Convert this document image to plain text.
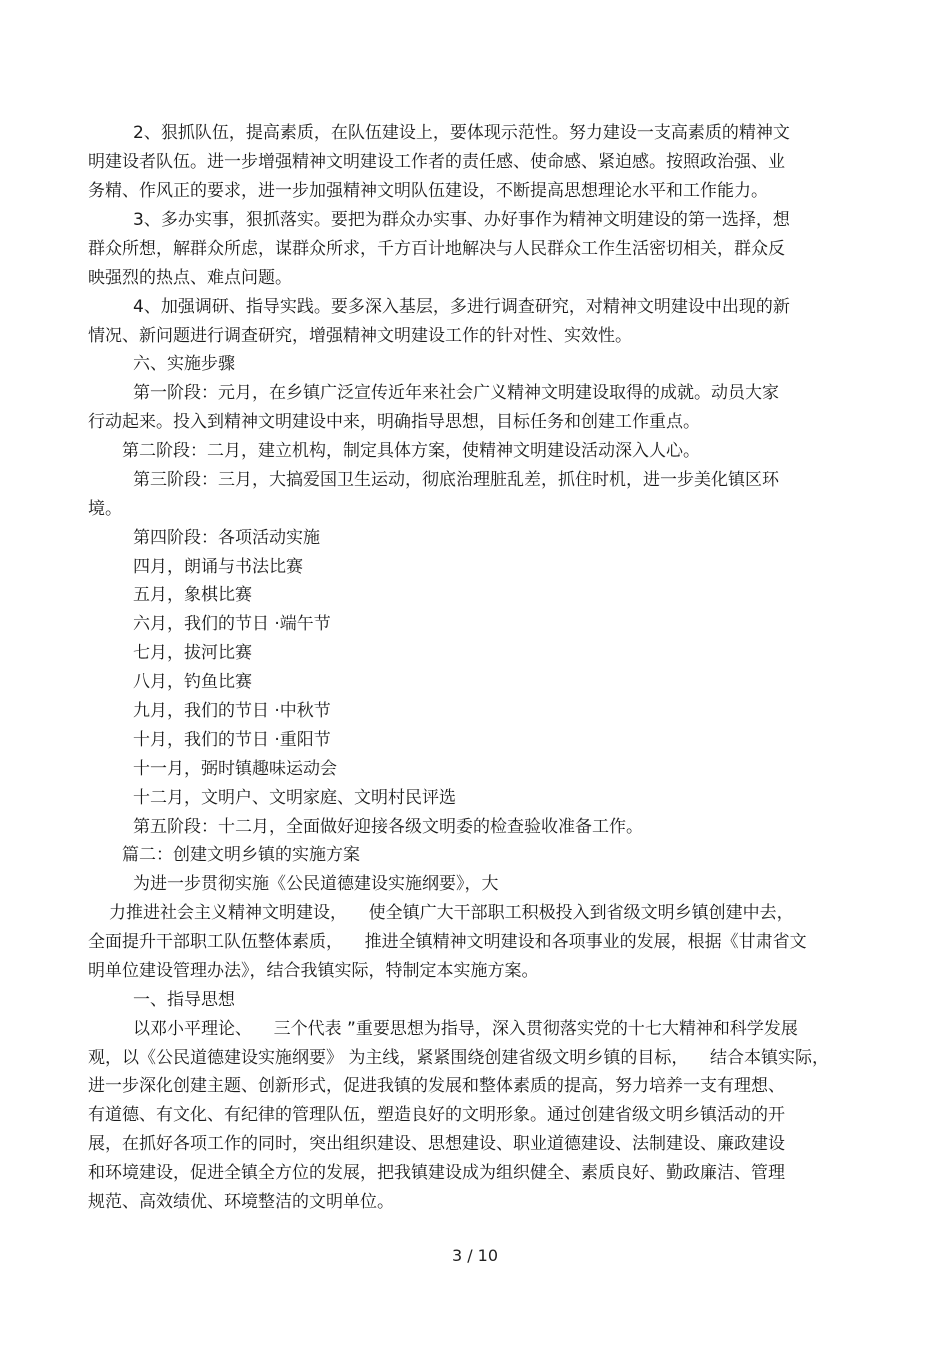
2、狠抓队伍，提高素质，在队伍建设上，要体现示范性。努力建设一支高素质的精神文
明建设者队伍。进一步增强精神文明建设工作者的责任感、使命感、紧迫感。按照政治强、业
务精、作风正的要求，进一步加强精神文明队伍建设，不断提高思想理论水平和工作能力。
3、多办实事，狠抓落实。要把为群众办实事、办好事作为精神文明建设的第一选择，想
群众所想，解群众所虑，谋群众所求，千方百计地解决与人民群众工作生活密切相关，群众反
映强烈的热点、难点问题。
4、加强调研、指导实践。要多深入基层，多进行调查研究，对精神文明建设中出现的新
情况、新问题进行调查研究，增强精神文明建设工作的针对性、实效性。
六、实施步骤
第一阶段：元月，在乡镇广泛宣传近年来社会广义精神文明建设取得的成就。动员大家
行动起来。投入到精神文明建设中来，明确指导思想，目标任务和创建工作重点。
第二阶段：二月，建立机构，制定具体方案，使精神文明建设活动深入人心。
第三阶段：三月，大搞爱国卫生运动，彻底治理脏乱差，抓住时机，进一步美化镇区环
境。
第四阶段：各项活动实施
四月，朗诵与书法比赛
五月，象棋比赛
六月，我们的节日 ·端午节
七月，拔河比赛
八月，钓鱼比赛
九月，我们的节日 ·中秋节
十月，我们的节日 ·重阳节
十一月，弼时镇趣味运动会
十二月，文明户、文明家庭、文明村民评选
第五阶段：十二月，全面做好迎接各级文明委的检查验收准备工作。
篇二：创建文明乡镇的实施方案
为进一步贯彻实施《公民道德建设实施纲要》，大
力推进社会主义精神文明建设，    使全镇广大干部职工积极投入到省级文明乡镇创建中去，
全面提升干部职工队伍整体素质，    推进全镇精神文明建设和各项事业的发展，根据《甘肃省文
明单位建设管理办法》，结合我镇实际，特制定本实施方案。
一、指导思想
以邓小平理论、    三个代表 ”重要思想为指导，深入贯彻落实党的十七大精神和科学发展
观，以《公民道德建设实施纲要》 为主线，紧紧围绕创建省级文明乡镇的目标，    结合本镇实际，
进一步深化创建主题、创新形式，促进我镇的发展和整体素质的提高，努力培养一支有理想、
有道德、有文化、有纪律的管理队伍，塑造良好的文明形象。通过创建省级文明乡镇活动的开
展，在抓好各项工作的同时，突出组织建设、思想建设、职业道德建设、法制建设、廉政建设
和环境建设，促进全镇全方位的发展，把我镇建设成为组织健全、素质良好、勤政廉洁、管理
规范、高效绩优、环境整洁的文明单位。
3 / 10
